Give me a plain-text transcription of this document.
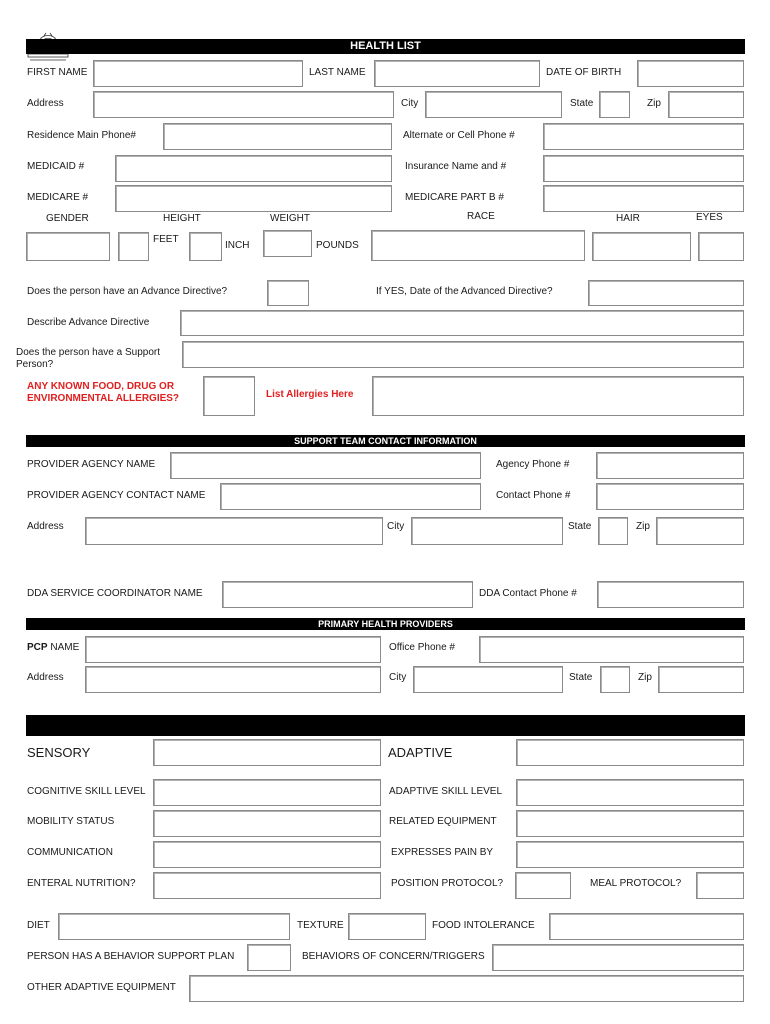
HEALTH LIST
FIRST NAME	LAST NAME	DATE OF BIRTH
Address	City	State	Zip
Residence Main Phone#	Alternate or Cell Phone #
MEDICAID #	Insurance Name and #
MEDICARE #	MEDICARE PART B #
GENDER	HEIGHT	WEIGHT	RACE	HAIR	EYES
FEET
INCH	POUNDS
Does the person have an Advance Directive?	If YES, Date of the Advanced Directive?
Describe Advance Directive
Does the person have a Support Person?
ANY KNOWN FOOD, DRUG OR ENVIRONMENTAL ALLERGIES?	List Allergies Here
SUPPORT TEAM CONTACT INFORMATION
PROVIDER AGENCY NAME	Agency Phone #
PROVIDER AGENCY CONTACT NAME	Contact Phone #
Address	City	State	Zip
DDA SERVICE COORDINATOR NAME	DDA Contact Phone #
PRIMARY HEALTH PROVIDERS
PCP NAME	Office Phone #
Address	City	State	Zip
SENSORY	ADAPTIVE
COGNITIVE SKILL LEVEL	ADAPTIVE SKILL LEVEL
MOBILITY STATUS	RELATED EQUIPMENT
COMMUNICATION	EXPRESSES PAIN BY
ENTERAL NUTRITION?	POSITION PROTOCOL?	MEAL PROTOCOL?
DIET	TEXTURE	FOOD INTOLERANCE
PERSON HAS A BEHAVIOR SUPPORT PLAN	BEHAVIORS OF CONCERN/TRIGGERS
OTHER ADAPTIVE EQUIPMENT
